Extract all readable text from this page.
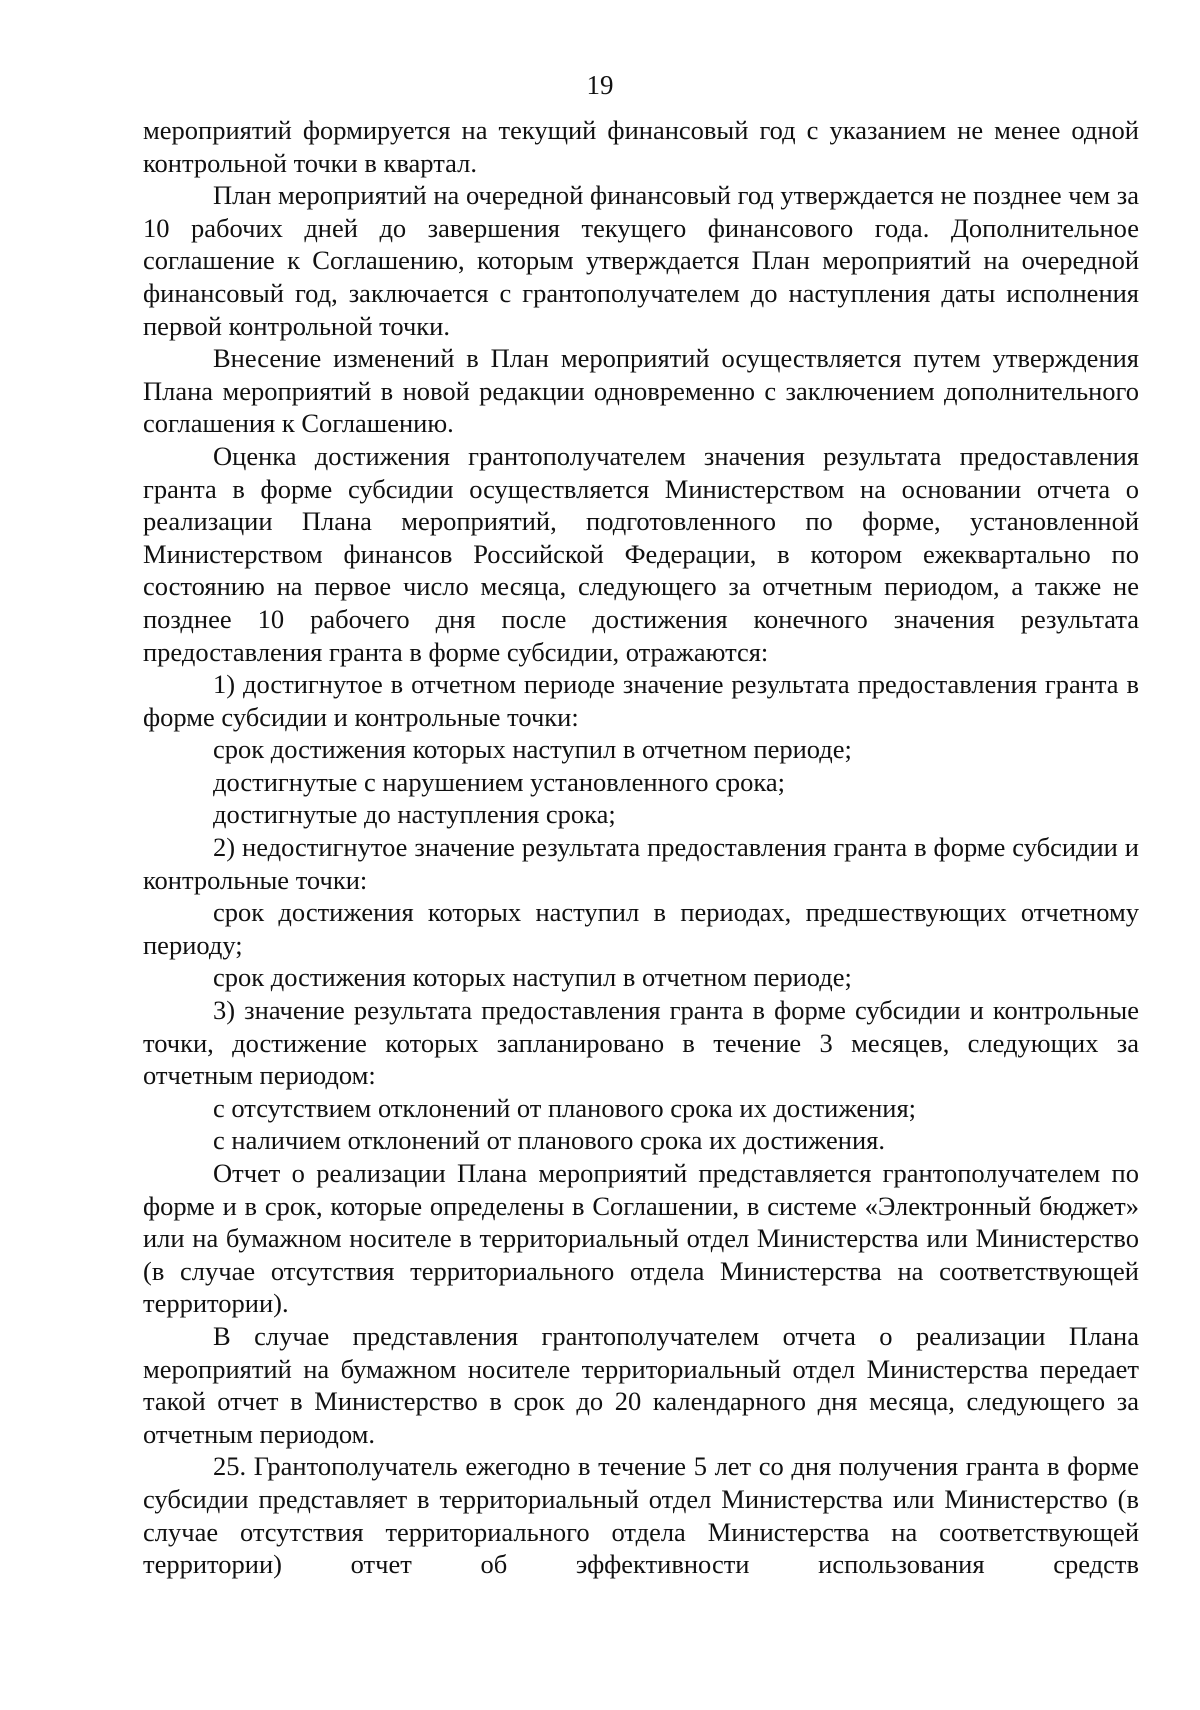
19

мероприятий формируется на текущий финансовый год с указанием не менее одной контрольной точки в квартал.

План мероприятий на очередной финансовый год утверждается не позднее чем за 10 рабочих дней до завершения текущего финансового года. Дополнительное соглашение к Соглашению, которым утверждается План мероприятий на очередной финансовый год, заключается с грантополучателем до наступления даты исполнения первой контрольной точки.

Внесение изменений в План мероприятий осуществляется путем утверждения Плана мероприятий в новой редакции одновременно с заключением дополнительного соглашения к Соглашению.

Оценка достижения грантополучателем значения результата предоставления гранта в форме субсидии осуществляется Министерством на основании отчета о реализации Плана мероприятий, подготовленного по форме, установленной Министерством финансов Российской Федерации, в котором ежеквартально по состоянию на первое число месяца, следующего за отчетным периодом, а также не позднее 10 рабочего дня после достижения конечного значения результата предоставления гранта в форме субсидии, отражаются:

1) достигнутое в отчетном периоде значение результата предоставления гранта в форме субсидии и контрольные точки:

срок достижения которых наступил в отчетном периоде;

достигнутые с нарушением установленного срока;

достигнутые до наступления срока;

2) недостигнутое значение результата предоставления гранта в форме субсидии и контрольные точки:

срок достижения которых наступил в периодах, предшествующих отчетному периоду;

срок достижения которых наступил в отчетном периоде;

3) значение результата предоставления гранта в форме субсидии и контрольные точки, достижение которых запланировано в течение 3 месяцев, следующих за отчетным периодом:

с отсутствием отклонений от планового срока их достижения;

с наличием отклонений от планового срока их достижения.

Отчет о реализации Плана мероприятий представляется грантополучателем по форме и в срок, которые определены в Соглашении, в системе «Электронный бюджет» или на бумажном носителе в территориальный отдел Министерства или Министерство (в случае отсутствия территориального отдела Министерства на соответствующей территории).

В случае представления грантополучателем отчета о реализации Плана мероприятий на бумажном носителе территориальный отдел Министерства передает такой отчет в Министерство в срок до 20 календарного дня месяца, следующего за отчетным периодом.

25. Грантополучатель ежегодно в течение 5 лет со дня получения гранта в форме субсидии представляет в территориальный отдел Министерства или Министерство (в случае отсутствия территориального отдела Министерства на соответствующей территории) отчет об эффективности использования средств
